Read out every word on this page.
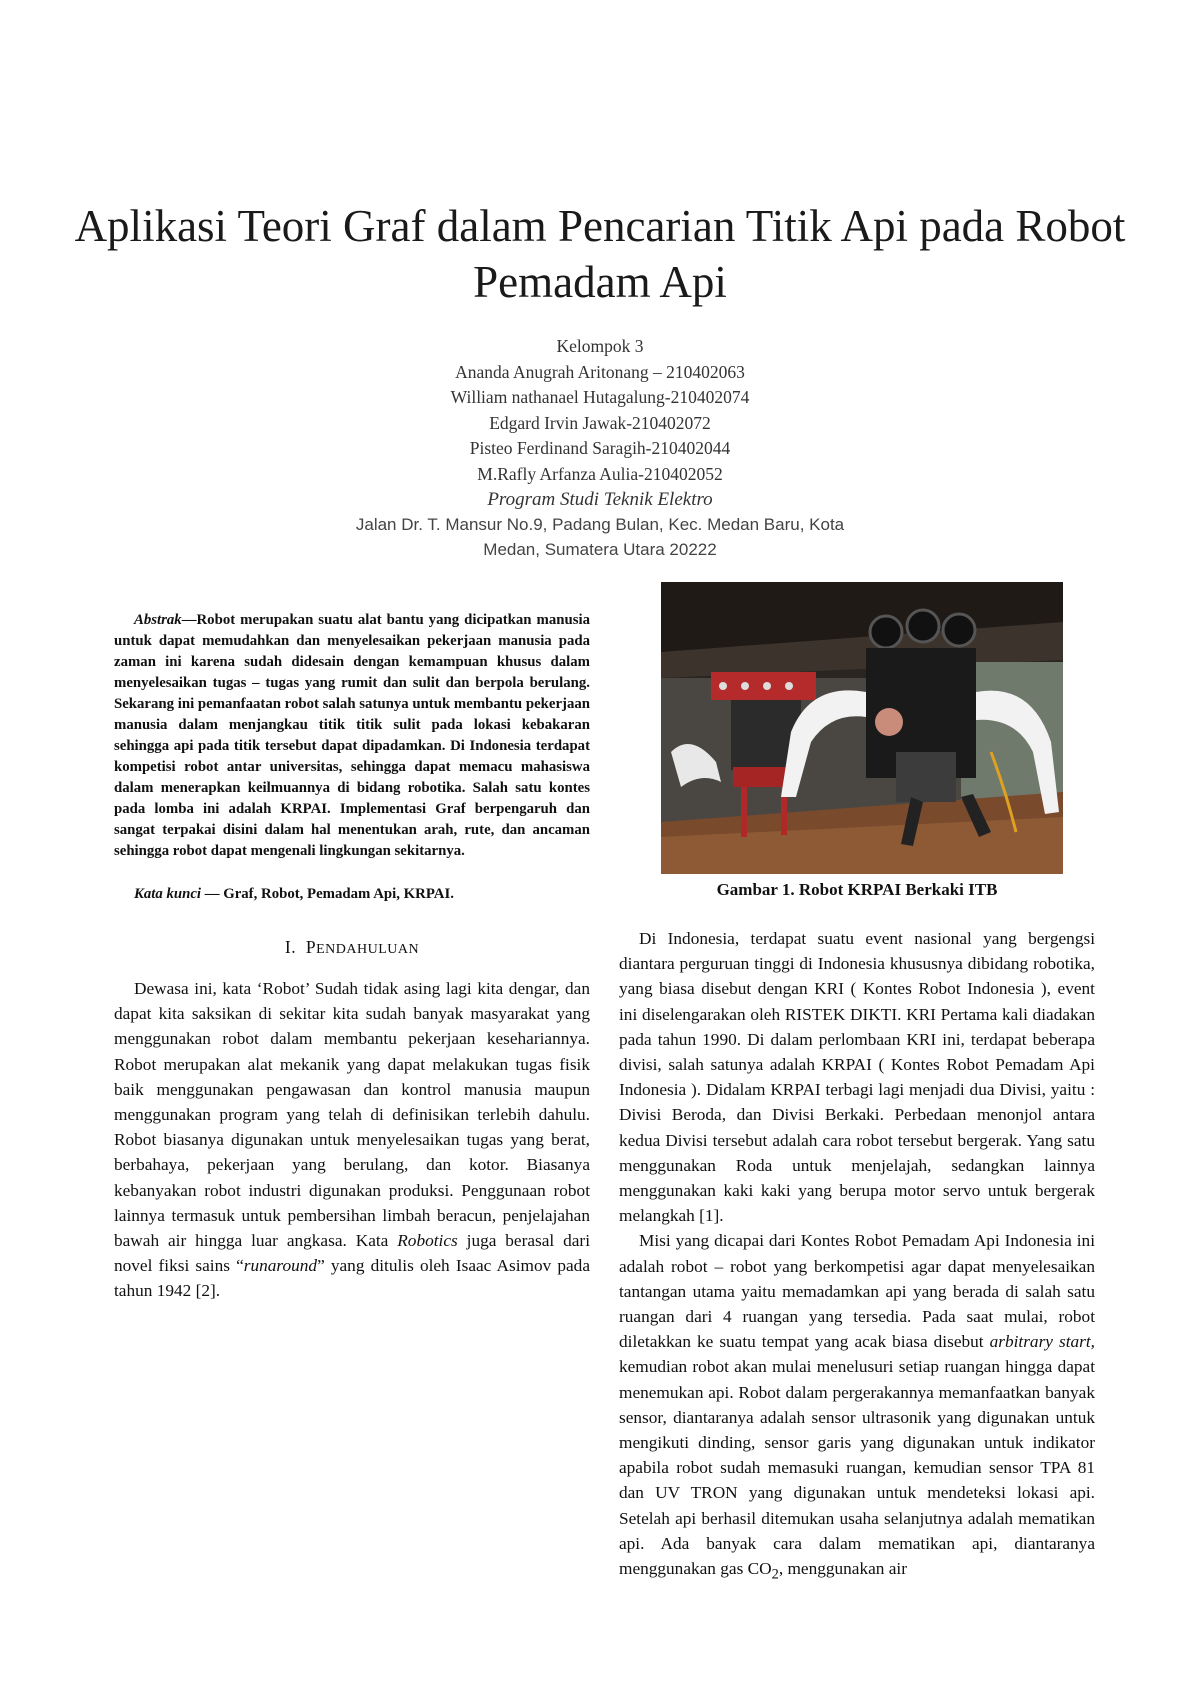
Aplikasi Teori Graf dalam Pencarian Titik Api pada Robot Pemadam Api
Kelompok 3
Ananda Anugrah Aritonang – 210402063
William nathanael Hutagalung-210402074
Edgard Irvin Jawak-210402072
Pisteo Ferdinand Saragih-210402044
M.Rafly Arfanza Aulia-210402052
Program Studi Teknik Elektro
Jalan Dr. T. Mansur No.9, Padang Bulan, Kec. Medan Baru, Kota
Medan, Sumatera Utara 20222

Abstrak—Robot merupakan suatu alat bantu yang dicipatkan manusia untuk dapat memudahkan dan menyelesaikan pekerjaan manusia pada zaman ini karena sudah didesain dengan kemampuan khusus dalam menyelesaikan tugas – tugas yang rumit dan sulit dan berpola berulang. Sekarang ini pemanfaatan robot salah satunya untuk membantu pekerjaan manusia dalam menjangkau titik titik sulit pada lokasi kebakaran sehingga api pada titik tersebut dapat dipadamkan. Di Indonesia terdapat kompetisi robot antar universitas, sehingga dapat memacu mahasiswa dalam menerapkan keilmuannya di bidang robotika. Salah satu kontes pada lomba ini adalah KRPAI. Implementasi Graf berpengaruh dan sangat terpakai disini dalam hal menentukan arah, rute, dan ancaman sehingga robot dapat mengenali lingkungan sekitarnya.

Kata kunci — Graf, Robot, Pemadam Api, KRPAI.

I. PENDAHULUAN

Dewasa ini, kata ‘Robot’ Sudah tidak asing lagi kita dengar, dan dapat kita saksikan di sekitar kita sudah banyak masyarakat yang menggunakan robot dalam membantu pekerjaan kesehariannya. Robot merupakan alat mekanik yang dapat melakukan tugas fisik baik menggunakan pengawasan dan kontrol manusia maupun menggunakan program yang telah di definisikan terlebih dahulu. Robot biasanya digunakan untuk menyelesaikan tugas yang berat, berbahaya, pekerjaan yang berulang, dan kotor. Biasanya kebanyakan robot industri digunakan produksi. Penggunaan robot lainnya termasuk untuk pembersihan limbah beracun, penjelajahan bawah air hingga luar angkasa. Kata Robotics juga berasal dari novel fiksi sains “runaround” yang ditulis oleh Isaac Asimov pada tahun 1942 [2].

Gambar 1. Robot KRPAI Berkaki ITB

Di Indonesia, terdapat suatu event nasional yang bergengsi diantara perguruan tinggi di Indonesia khususnya dibidang robotika, yang biasa disebut dengan KRI ( Kontes Robot Indonesia ), event ini diselengarakan oleh RISTEK DIKTI. KRI Pertama kali diadakan pada tahun 1990. Di dalam perlombaan KRI ini, terdapat beberapa divisi, salah satunya adalah KRPAI ( Kontes Robot Pemadam Api Indonesia ). Didalam KRPAI terbagi lagi menjadi dua Divisi, yaitu : Divisi Beroda, dan Divisi Berkaki. Perbedaan menonjol antara kedua Divisi tersebut adalah cara robot tersebut bergerak. Yang satu menggunakan Roda untuk menjelajah, sedangkan lainnya menggunakan kaki kaki yang berupa motor servo untuk bergerak melangkah [1].

Misi yang dicapai dari Kontes Robot Pemadam Api Indonesia ini adalah robot – robot yang berkompetisi agar dapat menyelesaikan tantangan utama yaitu memadamkan api yang berada di salah satu ruangan dari 4 ruangan yang tersedia. Pada saat mulai, robot diletakkan ke suatu tempat yang acak biasa disebut arbitrary start, kemudian robot akan mulai menelusuri setiap ruangan hingga dapat menemukan api. Robot dalam pergerakannya memanfaatkan banyak sensor, diantaranya adalah sensor ultrasonik yang digunakan untuk mengikuti dinding, sensor garis yang digunakan untuk indikator apabila robot sudah memasuki ruangan, kemudian sensor TPA 81 dan UV TRON yang digunakan untuk mendeteksi lokasi api. Setelah api berhasil ditemukan usaha selanjutnya adalah mematikan api. Ada banyak cara dalam mematikan api, diantaranya menggunakan gas $CO_2$, menggunakan air
